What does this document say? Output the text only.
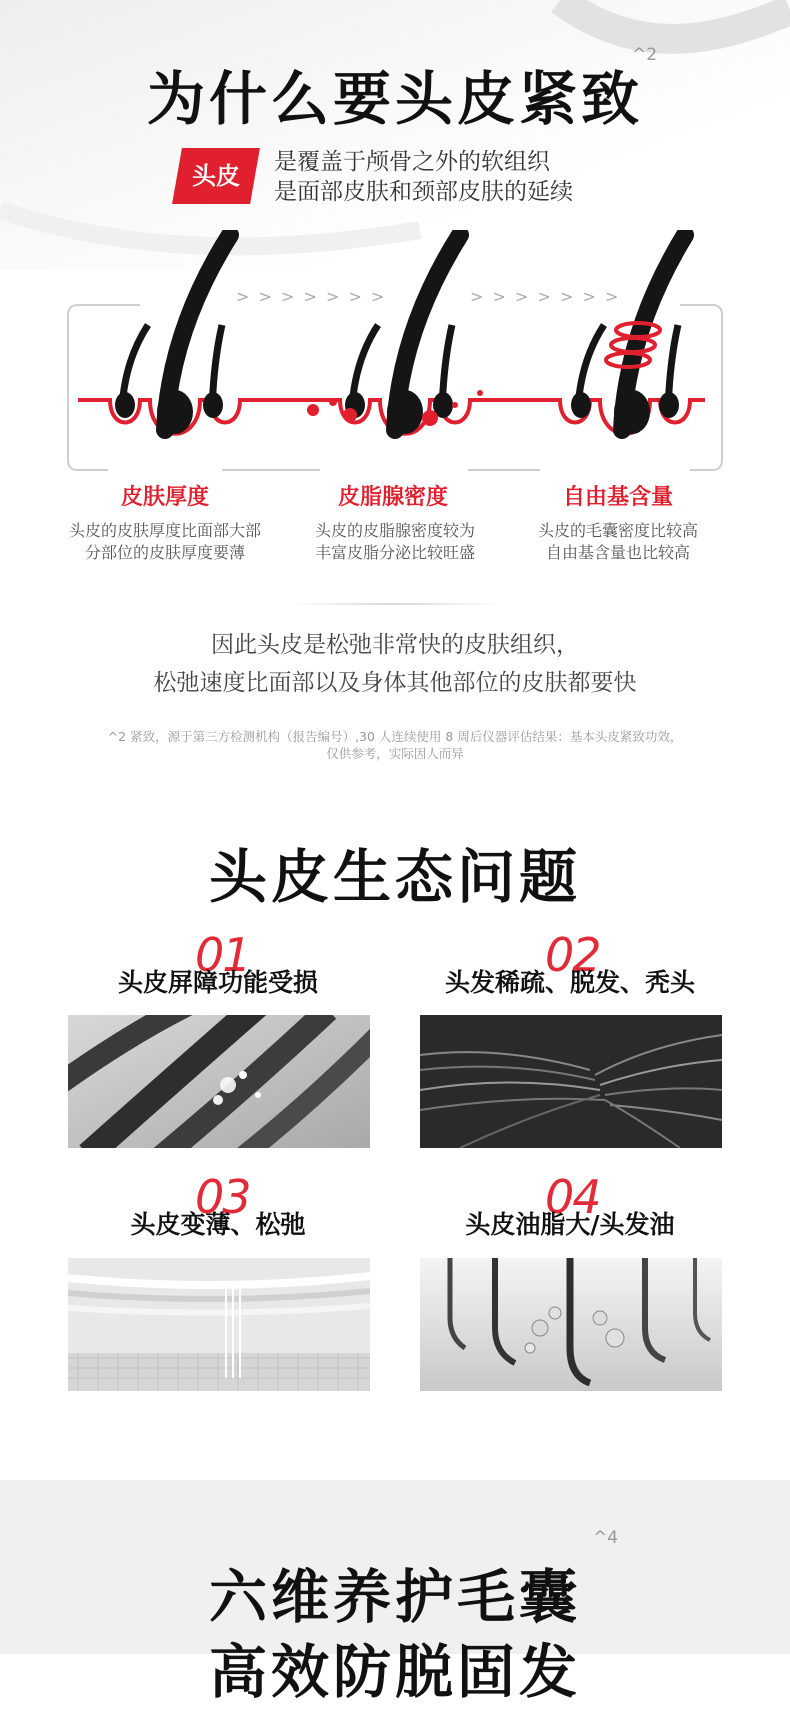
为什么要头皮紧致
^2
头皮	是覆盖于颅骨之外的软组织
是面部皮肤和颈部皮肤的延续
> > > > > > >	> > > > > > >
皮肤厚度	皮脂腺密度	自由基含量
头皮的皮肤厚度比面部大部
分部位的皮肤厚度要薄
头皮的皮脂腺密度较为
丰富皮脂分泌比较旺盛
头皮的毛囊密度比较高
自由基含量也比较高
因此头皮是松弛非常快的皮肤组织，
松弛速度比面部以及身体其他部位的皮肤都要快
^2 紧致，源于第三方检测机构（报告编号）,30 人连续使用 8 周后仪器评估结果：基本头皮紧致功效，
仅供参考，实际因人而异
头皮生态问题
01
头皮屏障功能受损
02
头发稀疏、脱发、秃头
03
头皮变薄、松弛
04
头皮油脂大/头发油
六维养护毛囊
^4
高效防脱固发
